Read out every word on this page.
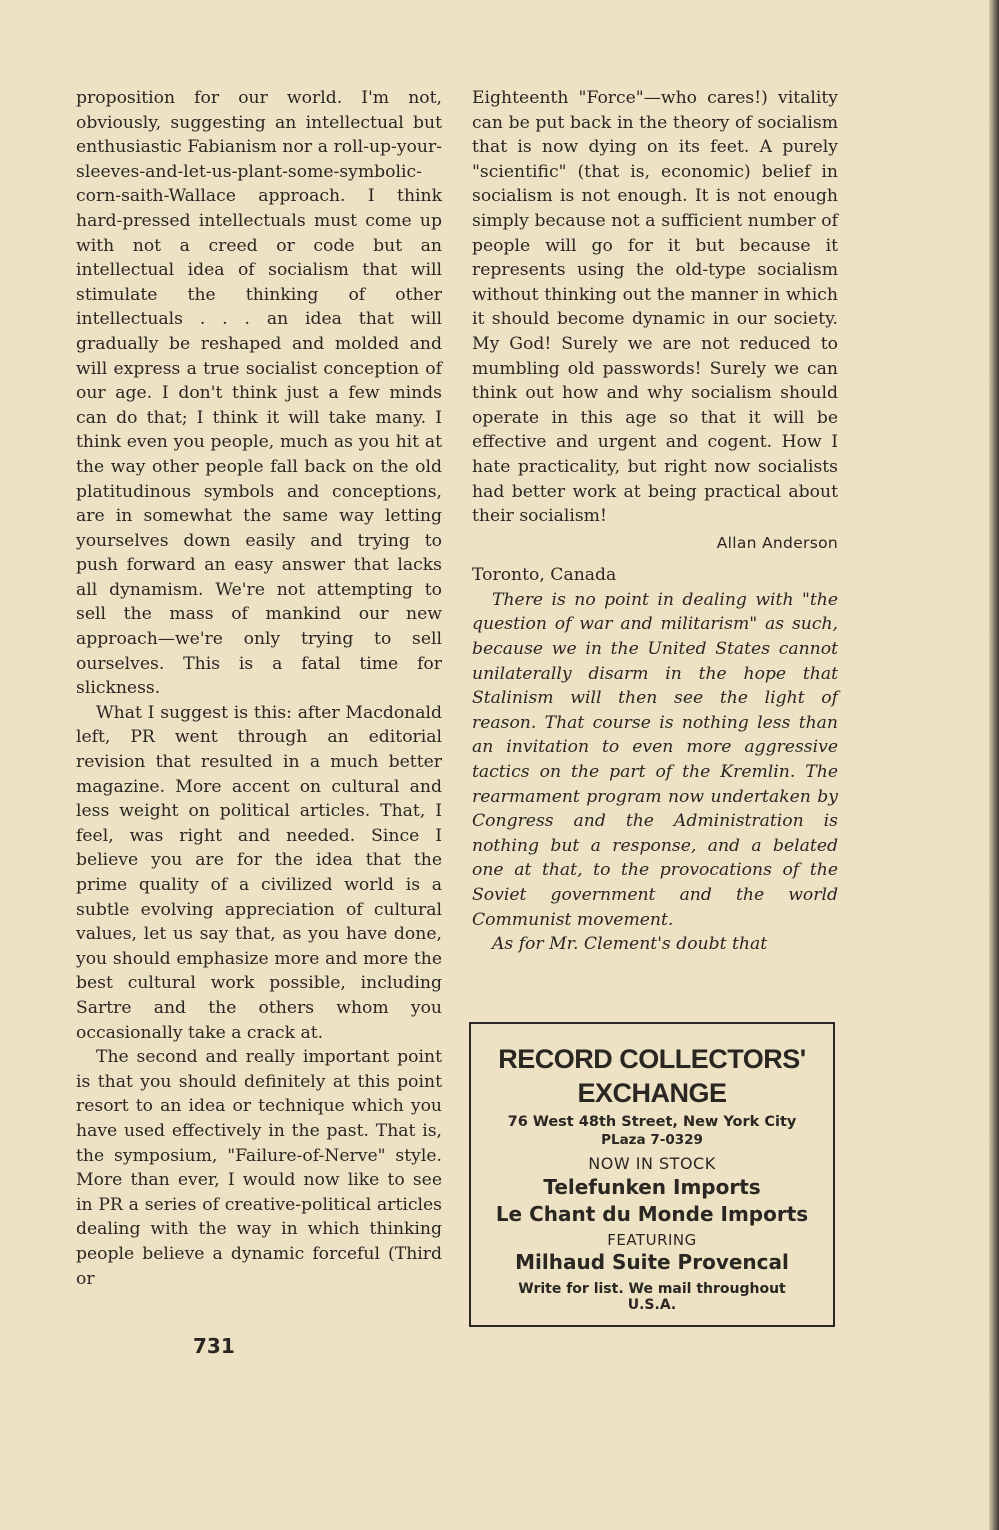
proposition for our world. I'm not, obviously, suggesting an intellectual but enthusiastic Fabianism nor a roll-up-your-sleeves-and-let-us-plant-some-symbolic-corn-saith-Wallace approach. I think hard-pressed intellectuals must come up with not a creed or code but an intellectual idea of socialism that will stimulate the thinking of other intellectuals . . . an idea that will gradually be reshaped and molded and will express a true socialist conception of our age. I don't think just a few minds can do that; I think it will take many. I think even you people, much as you hit at the way other people fall back on the old platitudinous symbols and conceptions, are in somewhat the same way letting yourselves down easily and trying to push forward an easy answer that lacks all dynamism. We're not attempting to sell the mass of mankind our new approach—we're only trying to sell ourselves. This is a fatal time for slickness.

What I suggest is this: after Macdonald left, PR went through an editorial revision that resulted in a much better magazine. More accent on cultural and less weight on political articles. That, I feel, was right and needed. Since I believe you are for the idea that the prime quality of a civilized world is a subtle evolving appreciation of cultural values, let us say that, as you have done, you should emphasize more and more the best cultural work possible, including Sartre and the others whom you occasionally take a crack at.

The second and really important point is that you should definitely at this point resort to an idea or technique which you have used effectively in the past. That is, the symposium, "Failure-of-Nerve" style. More than ever, I would now like to see in PR a series of creative-political articles dealing with the way in which thinking people believe a dynamic forceful (Third or

Eighteenth "Force"—who cares!) vitality can be put back in the theory of socialism that is now dying on its feet. A purely "scientific" (that is, economic) belief in socialism is not enough. It is not enough simply because not a sufficient number of people will go for it but because it represents using the old-type socialism without thinking out the manner in which it should become dynamic in our society. My God! Surely we are not reduced to mumbling old passwords! Surely we can think out how and why socialism should operate in this age so that it will be effective and urgent and cogent. How I hate practicality, but right now socialists had better work at being practical about their socialism!

Allan Anderson

Toronto, Canada

There is no point in dealing with "the question of war and militarism" as such, because we in the United States cannot unilaterally disarm in the hope that Stalinism will then see the light of reason. That course is nothing less than an invitation to even more aggressive tactics on the part of the Kremlin. The rearmament program now undertaken by Congress and the Administration is nothing but a response, and a belated one at that, to the provocations of the Soviet government and the world Communist movement.

As for Mr. Clement's doubt that

731
RECORD COLLECTORS'
EXCHANGE
76 West 48th Street, New York City
PLaza 7-0329
NOW IN STOCK
Telefunken Imports
Le Chant du Monde Imports
FEATURING
Milhaud Suite Provencal
Write for list. We mail throughout
U.S.A.
